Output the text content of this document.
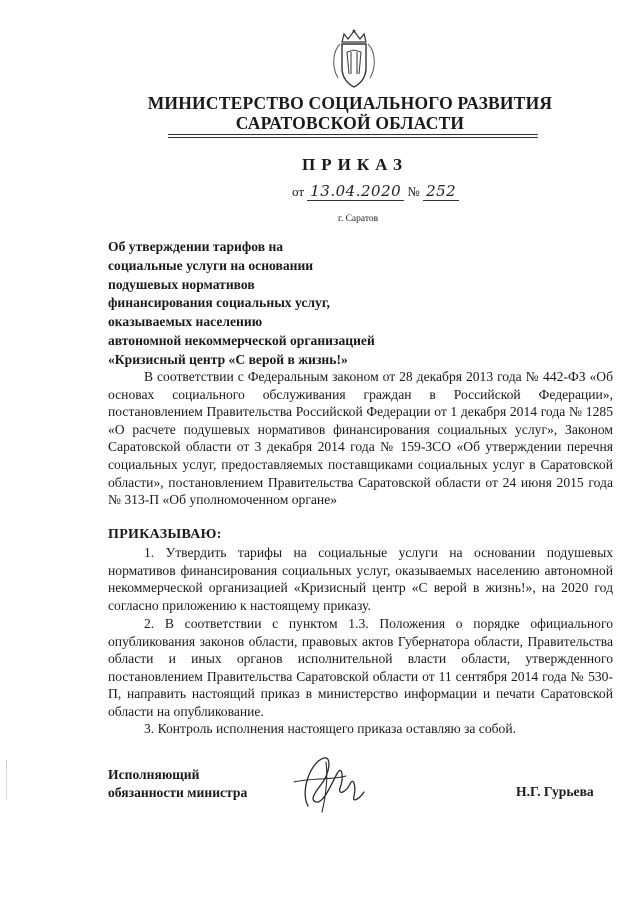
МИНИСТЕРСТВО СОЦИАЛЬНОГО РАЗВИТИЯ
САРАТОВСКОЙ ОБЛАСТИ
ПРИКАЗ
от 13.04.2020 № 252
г. Саратов
Об утверждении тарифов на
социальные услуги на основании
подушевых нормативов
финансирования социальных услуг,
оказываемых населению
автономной некоммерческой организацией
«Кризисный центр «С верой в жизнь!»
В соответствии с Федеральным законом от 28 декабря 2013 года № 442-ФЗ «Об основах социального обслуживания граждан в Российской Федерации», постановлением Правительства Российской Федерации от 1 декабря 2014 года № 1285 «О расчете подушевых нормативов финансирования социальных услуг», Законом Саратовской области от 3 декабря 2014 года № 159-ЗСО «Об утверждении перечня социальных услуг, предоставляемых поставщиками социальных услуг в Саратовской области», постановлением Правительства Саратовской области от 24 июня 2015 года № 313-П «Об уполномоченном органе»
ПРИКАЗЫВАЮ:
1. Утвердить тарифы на социальные услуги на основании подушевых нормативов финансирования социальных услуг, оказываемых населению автономной некоммерческой организацией «Кризисный центр «С верой в жизнь!», на 2020 год согласно приложению к настоящему приказу.
2. В соответствии с пунктом 1.3. Положения о порядке официального опубликования законов области, правовых актов Губернатора области, Правительства области и иных органов исполнительной власти области, утвержденного постановлением Правительства Саратовской области от 11 сентября 2014 года № 530-П, направить настоящий приказ в министерство информации и печати Саратовской области на опубликование.
3. Контроль исполнения настоящего приказа оставляю за собой.
Исполняющий
обязанности министра	Н.Г. Гурьева
